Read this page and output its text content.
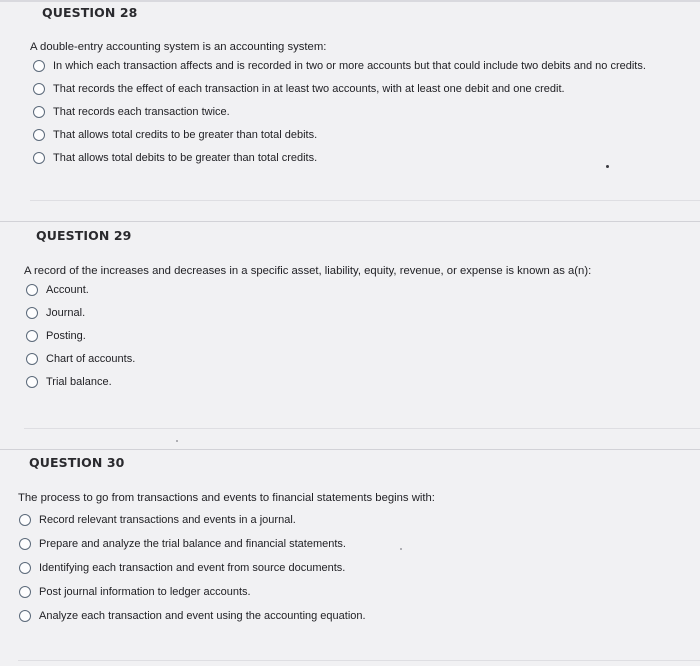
QUESTION 28
A double-entry accounting system is an accounting system:
In which each transaction affects and is recorded in two or more accounts but that could include two debits and no credits.
That records the effect of each transaction in at least two accounts, with at least one debit and one credit.
That records each transaction twice.
That allows total credits to be greater than total debits.
That allows total debits to be greater than total credits.
QUESTION 29
A record of the increases and decreases in a specific asset, liability, equity, revenue, or expense is known as a(n):
Account.
Journal.
Posting.
Chart of accounts.
Trial balance.
QUESTION 30
The process to go from transactions and events to financial statements begins with:
Record relevant transactions and events in a journal.
Prepare and analyze the trial balance and financial statements.
Identifying each transaction and event from source documents.
Post journal information to ledger accounts.
Analyze each transaction and event using the accounting equation.
